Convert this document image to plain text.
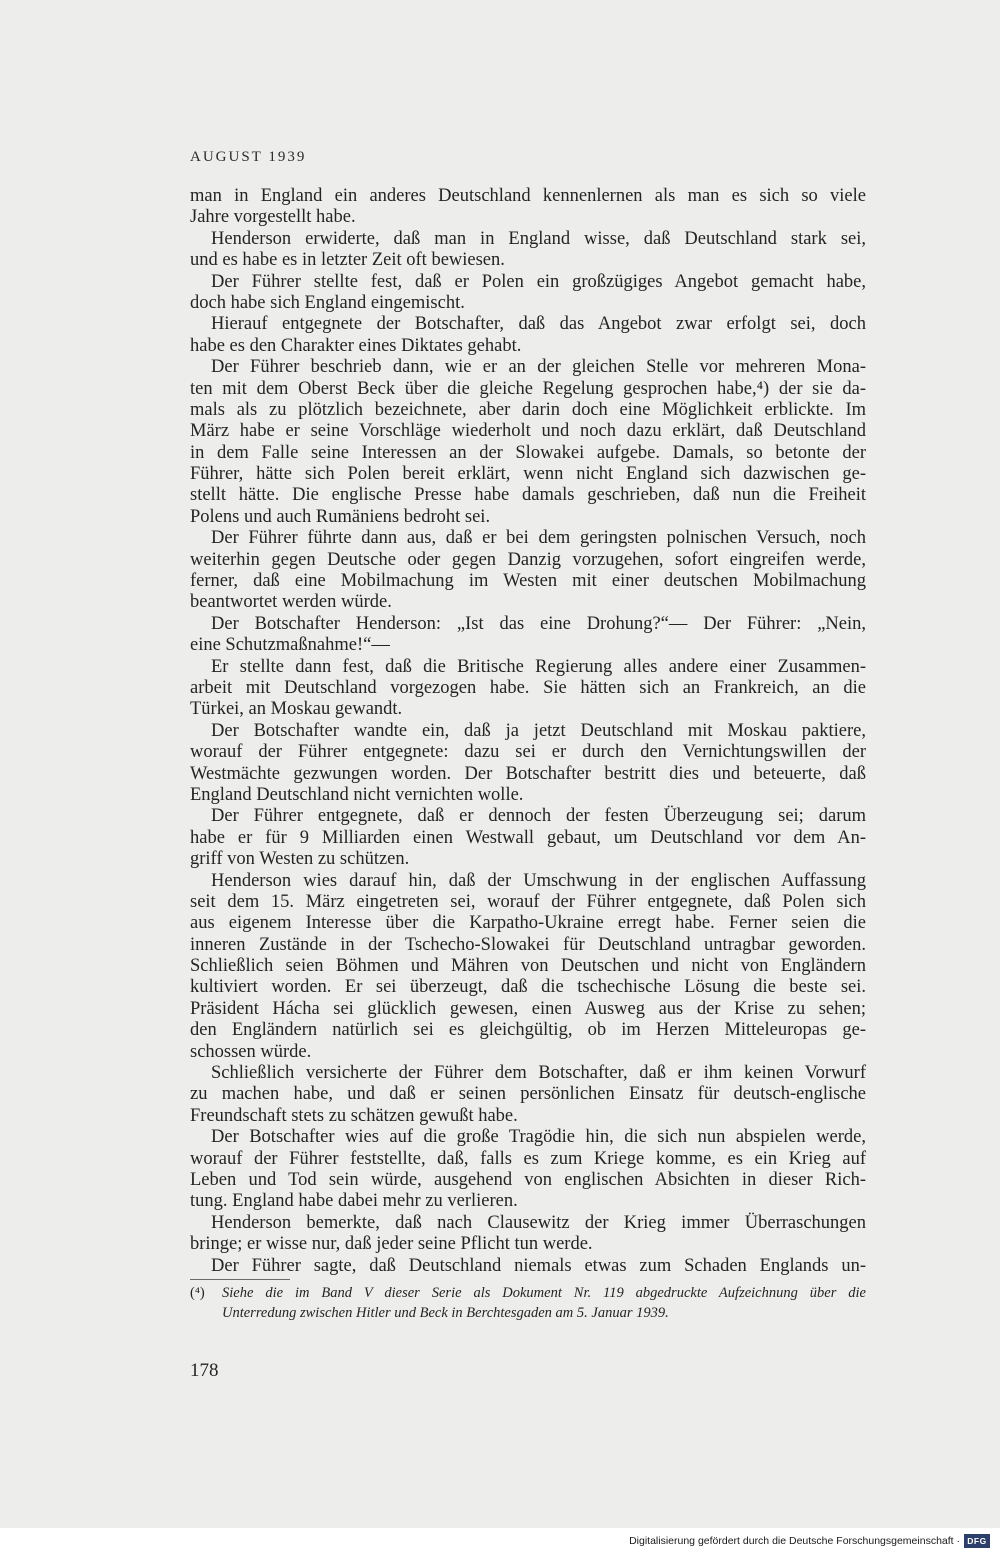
AUGUST 1939
man in England ein anderes Deutschland kennenlernen als man es sich so viele
Jahre vorgestellt habe.
Henderson erwiderte, daß man in England wisse, daß Deutschland stark sei,
und es habe es in letzter Zeit oft bewiesen.
Der Führer stellte fest, daß er Polen ein großzügiges Angebot gemacht habe,
doch habe sich England eingemischt.
Hierauf entgegnete der Botschafter, daß das Angebot zwar erfolgt sei, doch
habe es den Charakter eines Diktates gehabt.
Der Führer beschrieb dann, wie er an der gleichen Stelle vor mehreren Mona-
ten mit dem Oberst Beck über die gleiche Regelung gesprochen habe,⁴) der sie da-
mals als zu plötzlich bezeichnete, aber darin doch eine Möglichkeit erblickte. Im
März habe er seine Vorschläge wiederholt und noch dazu erklärt, daß Deutschland
in dem Falle seine Interessen an der Slowakei aufgebe. Damals, so betonte der
Führer, hätte sich Polen bereit erklärt, wenn nicht England sich dazwischen ge-
stellt hätte. Die englische Presse habe damals geschrieben, daß nun die Freiheit
Polens und auch Rumäniens bedroht sei.
Der Führer führte dann aus, daß er bei dem geringsten polnischen Versuch, noch
weiterhin gegen Deutsche oder gegen Danzig vorzugehen, sofort eingreifen werde,
ferner, daß eine Mobilmachung im Westen mit einer deutschen Mobilmachung
beantwortet werden würde.
Der Botschafter Henderson: „Ist das eine Drohung?“— Der Führer: „Nein,
eine Schutzmaßnahme!“—
Er stellte dann fest, daß die Britische Regierung alles andere einer Zusammen-
arbeit mit Deutschland vorgezogen habe. Sie hätten sich an Frankreich, an die
Türkei, an Moskau gewandt.
Der Botschafter wandte ein, daß ja jetzt Deutschland mit Moskau paktiere,
worauf der Führer entgegnete: dazu sei er durch den Vernichtungswillen der
Westmächte gezwungen worden. Der Botschafter bestritt dies und beteuerte, daß
England Deutschland nicht vernichten wolle.
Der Führer entgegnete, daß er dennoch der festen Überzeugung sei; darum
habe er für 9 Milliarden einen Westwall gebaut, um Deutschland vor dem An-
griff von Westen zu schützen.
Henderson wies darauf hin, daß der Umschwung in der englischen Auffassung
seit dem 15. März eingetreten sei, worauf der Führer entgegnete, daß Polen sich
aus eigenem Interesse über die Karpatho-Ukraine erregt habe. Ferner seien die
inneren Zustände in der Tschecho-Slowakei für Deutschland untragbar geworden.
Schließlich seien Böhmen und Mähren von Deutschen und nicht von Engländern
kultiviert worden. Er sei überzeugt, daß die tschechische Lösung die beste sei.
Präsident Hácha sei glücklich gewesen, einen Ausweg aus der Krise zu sehen;
den Engländern natürlich sei es gleichgültig, ob im Herzen Mitteleuropas ge-
schossen würde.
Schließlich versicherte der Führer dem Botschafter, daß er ihm keinen Vorwurf
zu machen habe, und daß er seinen persönlichen Einsatz für deutsch-englische
Freundschaft stets zu schätzen gewußt habe.
Der Botschafter wies auf die große Tragödie hin, die sich nun abspielen werde,
worauf der Führer feststellte, daß, falls es zum Kriege komme, es ein Krieg auf
Leben und Tod sein würde, ausgehend von englischen Absichten in dieser Rich-
tung. England habe dabei mehr zu verlieren.
Henderson bemerkte, daß nach Clausewitz der Krieg immer Überraschungen
bringe; er wisse nur, daß jeder seine Pflicht tun werde.
Der Führer sagte, daß Deutschland niemals etwas zum Schaden Englands un-
(⁴) Siehe die im Band V dieser Serie als Dokument Nr. 119 abgedruckte Aufzeichnung über die
Unterredung zwischen Hitler und Beck in Berchtesgaden am 5. Januar 1939.
178
Digitalisierung gefördert durch die Deutsche Forschungsgemeinschaft · DFG
